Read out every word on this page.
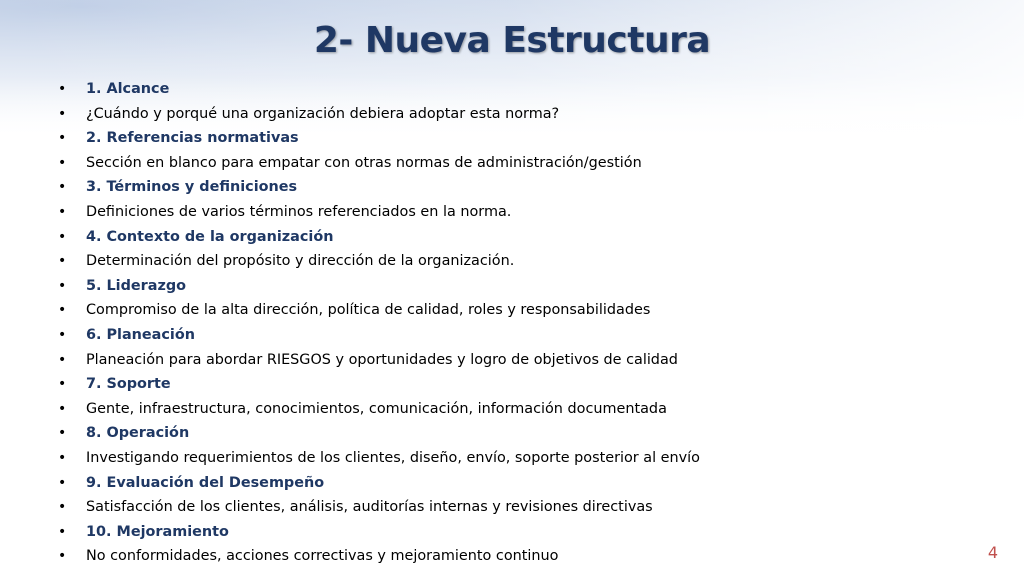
2- Nueva Estructura
•	1. Alcance
•	¿Cuándo y porqué una organización debiera adoptar esta norma?
•	2. Referencias normativas
•	Sección en blanco para empatar con otras normas de administración/gestión
•	3. Términos y definiciones
•	Definiciones de varios términos referenciados en la norma.
•	4. Contexto de la organización
•	Determinación del propósito y dirección de la organización.
•	5. Liderazgo
•	Compromiso de la alta dirección, política de calidad, roles y responsabilidades
•	6. Planeación
•	Planeación para abordar RIESGOS y oportunidades y logro de objetivos de calidad
•	7. Soporte
•	Gente, infraestructura, conocimientos, comunicación, información documentada
•	8. Operación
•	Investigando requerimientos de los clientes, diseño, envío, soporte posterior al envío
•	9. Evaluación del Desempeño
•	Satisfacción de los clientes, análisis, auditorías internas y revisiones directivas
•	10. Mejoramiento
•	No conformidades, acciones correctivas y mejoramiento continuo	4
